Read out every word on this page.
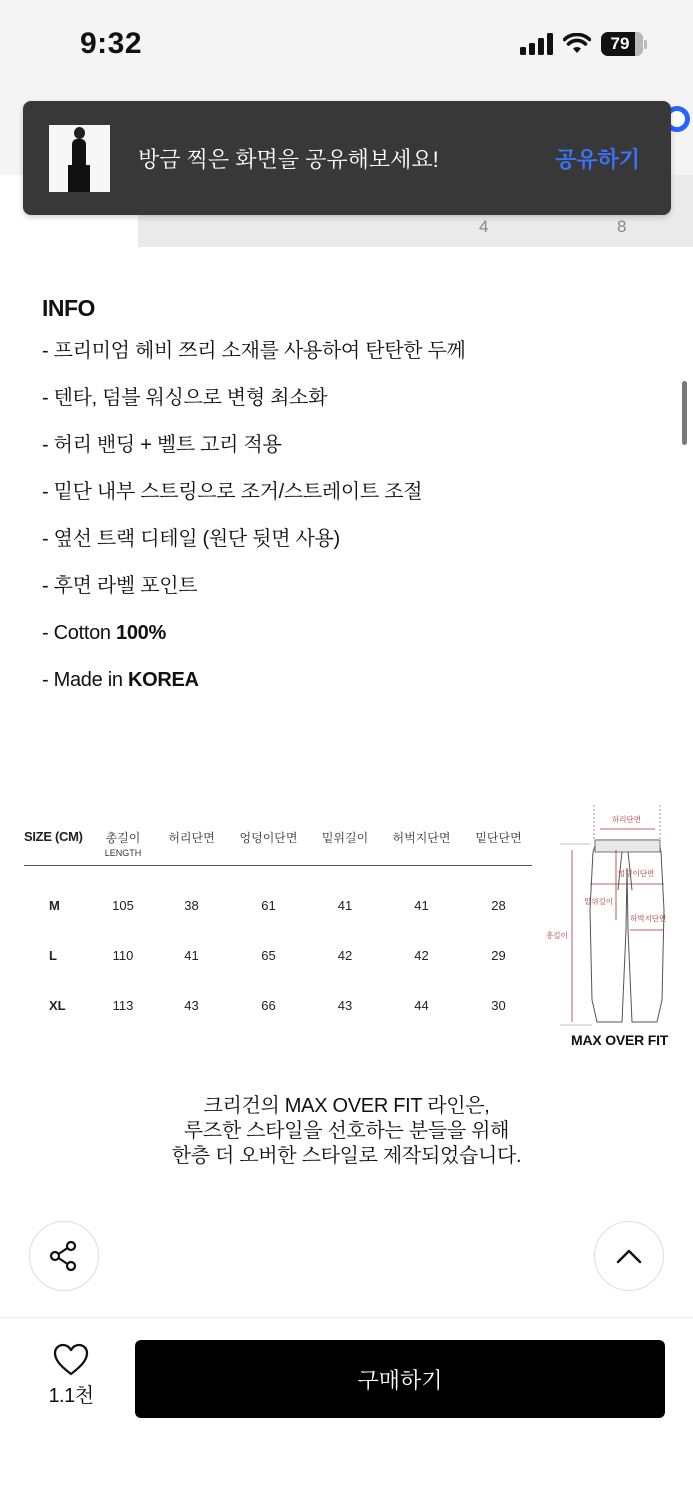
9:32	79
4	8
방금 찍은 화면을 공유해보세요!	공유하기
INFO
- 프리미엄 헤비 쯔리 소재를 사용하여 탄탄한 두께
- 텐타, 덤블 워싱으로 변형 최소화
- 허리 밴딩 + 벨트 고리 적용
- 밑단 내부 스트링으로 조거/스트레이트 조절
- 옆선 트랙 디테일 (원단 뒷면 사용)
- 후면 라벨 포인트
- Cotton 100%
- Made in KOREA
SIZE (CM)	총길이
LENGTH
허리단면	엉덩이단면	밑위길이	허벅지단면	밑단단면
M	105	38	61	41	41	28
L	110	41	65	42	42	29
XL	113	43	66	43	44	30
허리단면
엉덩이단면
밑위길이
허벅지단면
총길이
MAX OVER FIT
크리건의 MAX OVER FIT 라인은,
루즈한 스타일을 선호하는 분들을 위해
한층 더 오버한 스타일로 제작되었습니다.
1.1천
구매하기
